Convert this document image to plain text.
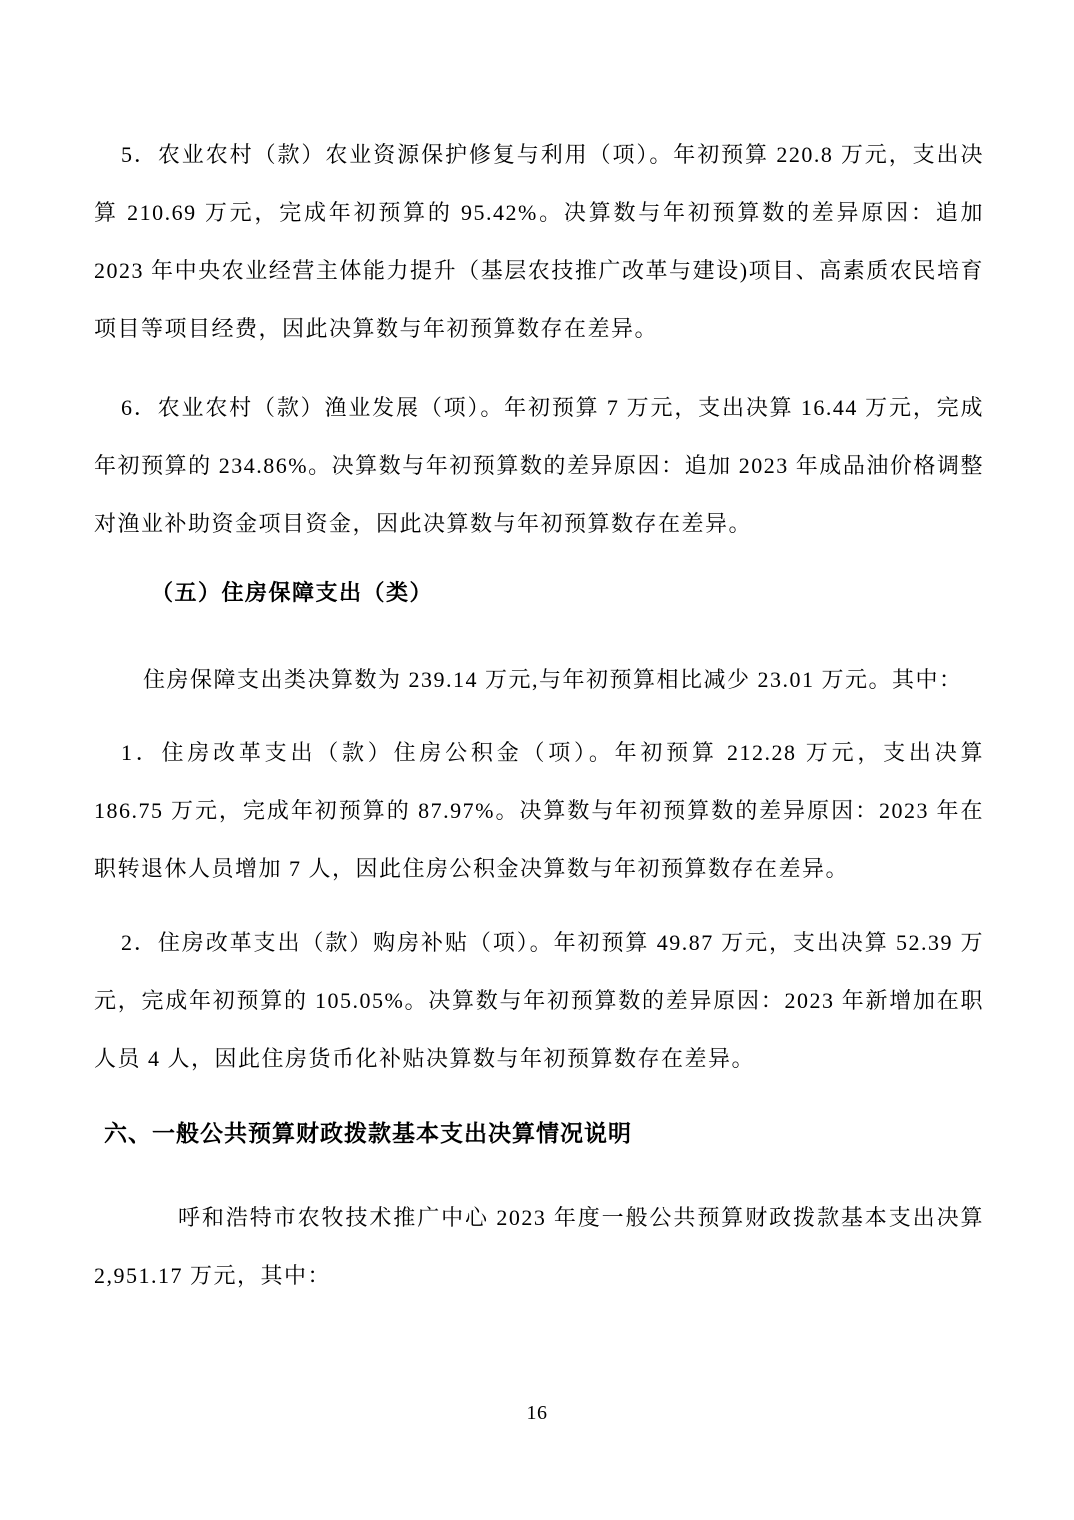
5．农业农村（款）农业资源保护修复与利用（项）。年初预算 220.8 万元，支出决算 210.69 万元，完成年初预算的 95.42%。决算数与年初预算数的差异原因：追加 2023 年中央农业经营主体能力提升（基层农技推广改革与建设)项目、高素质农民培育项目等项目经费，因此决算数与年初预算数存在差异。

6．农业农村（款）渔业发展（项）。年初预算 7 万元，支出决算 16.44 万元，完成年初预算的 234.86%。决算数与年初预算数的差异原因：追加 2023 年成品油价格调整对渔业补助资金项目资金，因此决算数与年初预算数存在差异。

（五）住房保障支出（类）

住房保障支出类决算数为 239.14 万元,与年初预算相比减少 23.01 万元。其中：

1．住房改革支出（款）住房公积金（项）。年初预算 212.28 万元，支出决算 186.75 万元，完成年初预算的 87.97%。决算数与年初预算数的差异原因：2023 年在职转退休人员增加 7 人，因此住房公积金决算数与年初预算数存在差异。

2．住房改革支出（款）购房补贴（项）。年初预算 49.87 万元，支出决算 52.39 万元，完成年初预算的 105.05%。决算数与年初预算数的差异原因：2023 年新增加在职人员 4 人，因此住房货币化补贴决算数与年初预算数存在差异。

六、一般公共预算财政拨款基本支出决算情况说明

呼和浩特市农牧技术推广中心 2023 年度一般公共预算财政拨款基本支出决算 2,951.17 万元，其中：

16
